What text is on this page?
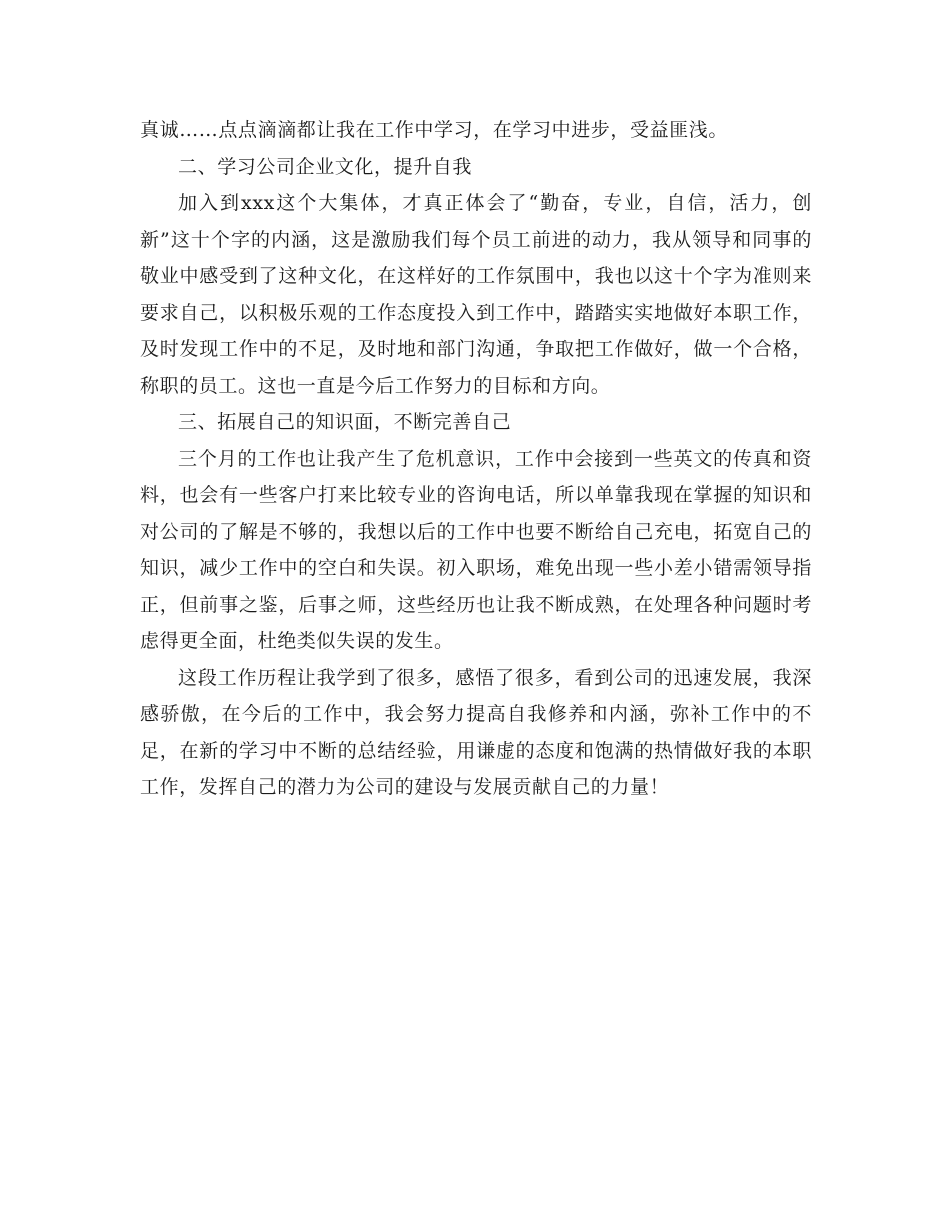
真诚……点点滴滴都让我在工作中学习，在学习中进步，受益匪浅。

二、学习公司企业文化，提升自我

加入到xxx这个大集体，才真正体会了“勤奋，专业，自信，活力，创新”这十个字的内涵，这是激励我们每个员工前进的动力，我从领导和同事的敬业中感受到了这种文化，在这样好的工作氛围中，我也以这十个字为准则来要求自己，以积极乐观的工作态度投入到工作中，踏踏实实地做好本职工作，及时发现工作中的不足，及时地和部门沟通，争取把工作做好，做一个合格，称职的员工。这也一直是今后工作努力的目标和方向。

三、拓展自己的知识面，不断完善自己

三个月的工作也让我产生了危机意识，工作中会接到一些英文的传真和资料，也会有一些客户打来比较专业的咨询电话，所以单靠我现在掌握的知识和对公司的了解是不够的，我想以后的工作中也要不断给自己充电，拓宽自己的知识，减少工作中的空白和失误。初入职场，难免出现一些小差小错需领导指正，但前事之鉴，后事之师，这些经历也让我不断成熟，在处理各种问题时考虑得更全面，杜绝类似失误的发生。

这段工作历程让我学到了很多，感悟了很多，看到公司的迅速发展，我深感骄傲，在今后的工作中，我会努力提高自我修养和内涵，弥补工作中的不足，在新的学习中不断的总结经验，用谦虚的态度和饱满的热情做好我的本职工作，发挥自己的潜力为公司的建设与发展贡献自己的力量！
